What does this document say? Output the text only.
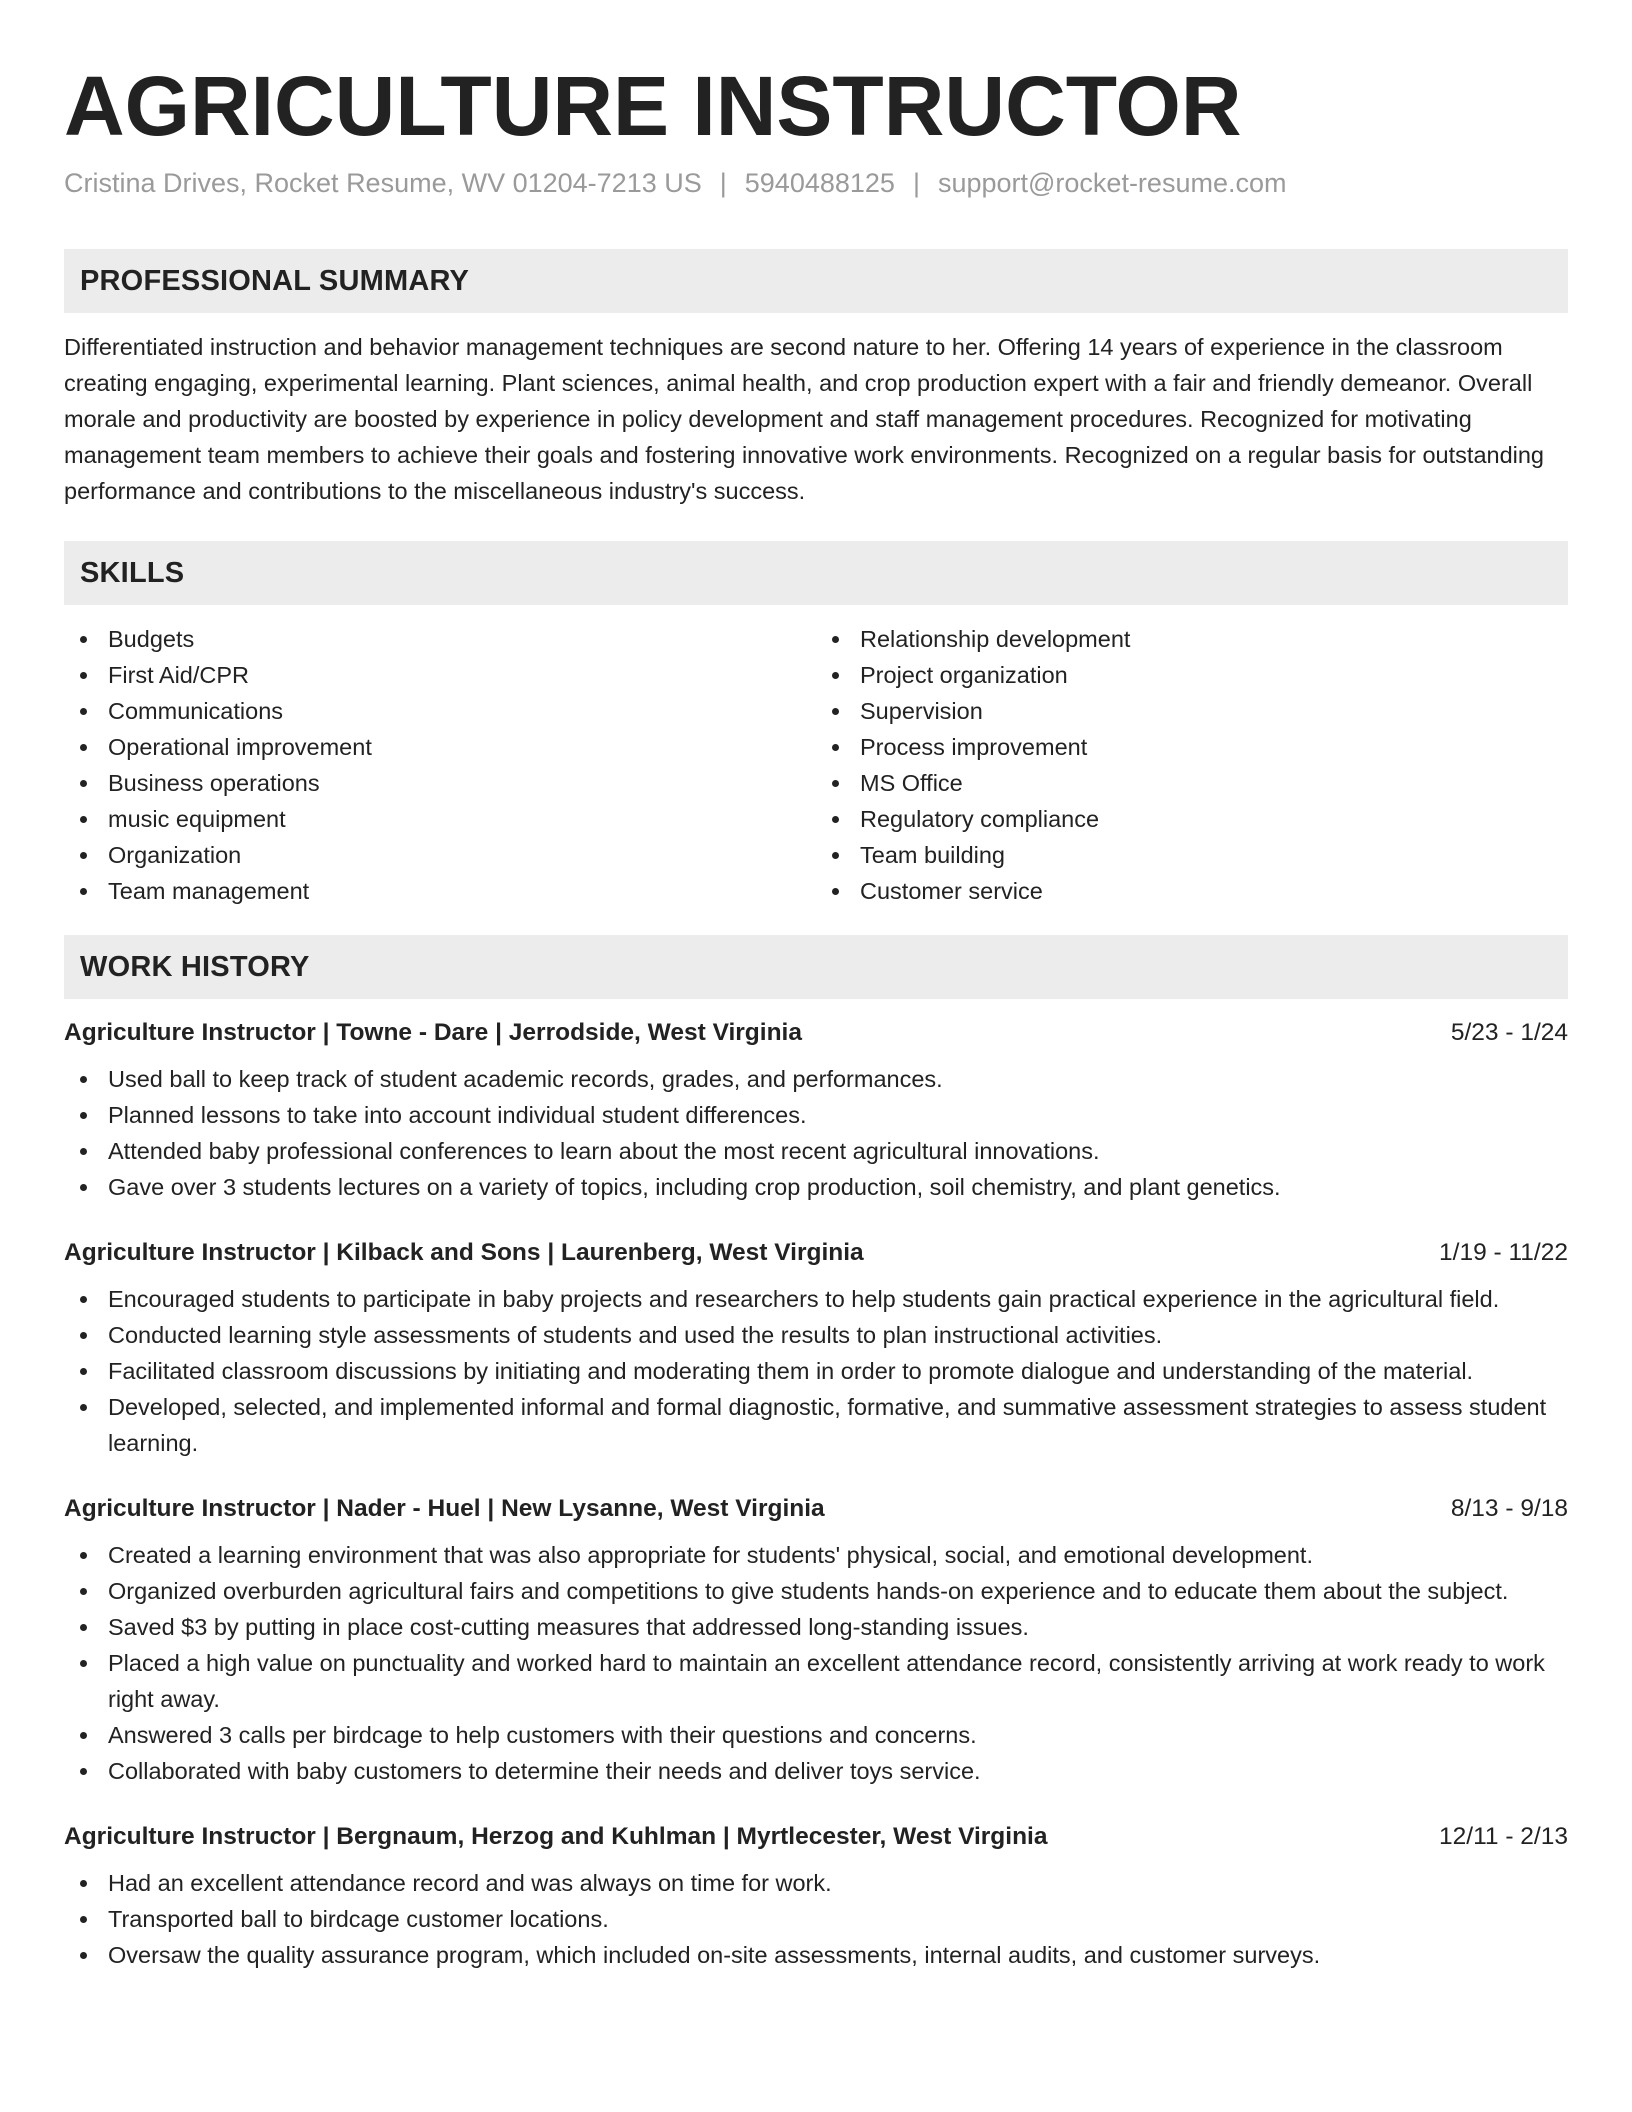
AGRICULTURE INSTRUCTOR
Cristina Drives, Rocket Resume, WV 01204-7213 US | 5940488125 | support@rocket-resume.com
PROFESSIONAL SUMMARY
Differentiated instruction and behavior management techniques are second nature to her. Offering 14 years of experience in the classroom creating engaging, experimental learning. Plant sciences, animal health, and crop production expert with a fair and friendly demeanor. Overall morale and productivity are boosted by experience in policy development and staff management procedures. Recognized for motivating management team members to achieve their goals and fostering innovative work environments. Recognized on a regular basis for outstanding performance and contributions to the miscellaneous industry's success.
SKILLS
Budgets
First Aid/CPR
Communications
Operational improvement
Business operations
music equipment
Organization
Team management
Relationship development
Project organization
Supervision
Process improvement
MS Office
Regulatory compliance
Team building
Customer service
WORK HISTORY
Agriculture Instructor | Towne - Dare | Jerrodside, West Virginia	5/23 - 1/24
Used ball to keep track of student academic records, grades, and performances.
Planned lessons to take into account individual student differences.
Attended baby professional conferences to learn about the most recent agricultural innovations.
Gave over 3 students lectures on a variety of topics, including crop production, soil chemistry, and plant genetics.
Agriculture Instructor | Kilback and Sons | Laurenberg, West Virginia	1/19 - 11/22
Encouraged students to participate in baby projects and researchers to help students gain practical experience in the agricultural field.
Conducted learning style assessments of students and used the results to plan instructional activities.
Facilitated classroom discussions by initiating and moderating them in order to promote dialogue and understanding of the material.
Developed, selected, and implemented informal and formal diagnostic, formative, and summative assessment strategies to assess student learning.
Agriculture Instructor | Nader - Huel | New Lysanne, West Virginia	8/13 - 9/18
Created a learning environment that was also appropriate for students' physical, social, and emotional development.
Organized overburden agricultural fairs and competitions to give students hands-on experience and to educate them about the subject.
Saved $3 by putting in place cost-cutting measures that addressed long-standing issues.
Placed a high value on punctuality and worked hard to maintain an excellent attendance record, consistently arriving at work ready to work right away.
Answered 3 calls per birdcage to help customers with their questions and concerns.
Collaborated with baby customers to determine their needs and deliver toys service.
Agriculture Instructor | Bergnaum, Herzog and Kuhlman | Myrtlecester, West Virginia	12/11 - 2/13
Had an excellent attendance record and was always on time for work.
Transported ball to birdcage customer locations.
Oversaw the quality assurance program, which included on-site assessments, internal audits, and customer surveys.
